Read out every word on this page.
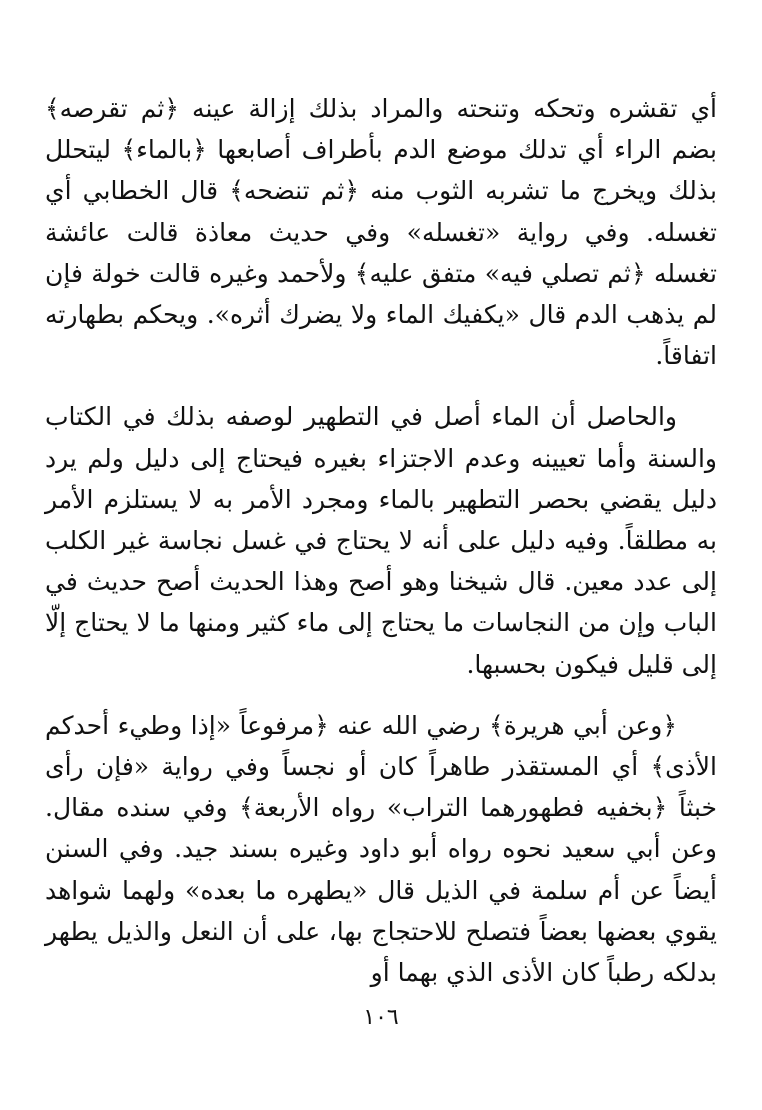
أي تقشره وتحكه وتنحته والمراد بذلك إزالة عينه ﴿ثم تقرصه﴾ بضم الراء أي تدلك موضع الدم بأطراف أصابعها ﴿بالماء﴾ ليتحلل بذلك ويخرج ما تشربه الثوب منه ﴿ثم تنضحه﴾ قال الخطابي أي تغسله. وفي رواية «تغسله» وفي حديث معاذة قالت عائشة تغسله ﴿ثم تصلي فيه» متفق عليه﴾ ولأحمد وغيره قالت خولة فإن لم يذهب الدم قال «يكفيك الماء ولا يضرك أثره». ويحكم بطهارته اتفاقاً.

والحاصل أن الماء أصل في التطهير لوصفه بذلك في الكتاب والسنة وأما تعيينه وعدم الاجتزاء بغيره فيحتاج إلى دليل ولم يرد دليل يقضي بحصر التطهير بالماء ومجرد الأمر به لا يستلزم الأمر به مطلقاً. وفيه دليل على أنه لا يحتاج في غسل نجاسة غير الكلب إلى عدد معين. قال شيخنا وهو أصح وهذا الحديث أصح حديث في الباب وإن من النجاسات ما يحتاج إلى ماء كثير ومنها ما لا يحتاج إلّا إلى قليل فيكون بحسبها.

﴿وعن أبي هريرة﴾ رضي الله عنه ﴿مرفوعاً «إذا وطيء أحدكم الأذى﴾ أي المستقذر طاهراً كان أو نجساً وفي رواية «فإن رأى خبثاً ﴿بخفيه فطهورهما التراب» رواه الأربعة﴾ وفي سنده مقال. وعن أبي سعيد نحوه رواه أبو داود وغيره بسند جيد. وفي السنن أيضاً عن أم سلمة في الذيل قال «يطهره ما بعده» ولهما شواهد يقوي بعضها بعضاً فتصلح للاحتجاج بها، على أن النعل والذيل يطهر بدلكه رطباً كان الأذى الذي بهما أو

١٠٦
